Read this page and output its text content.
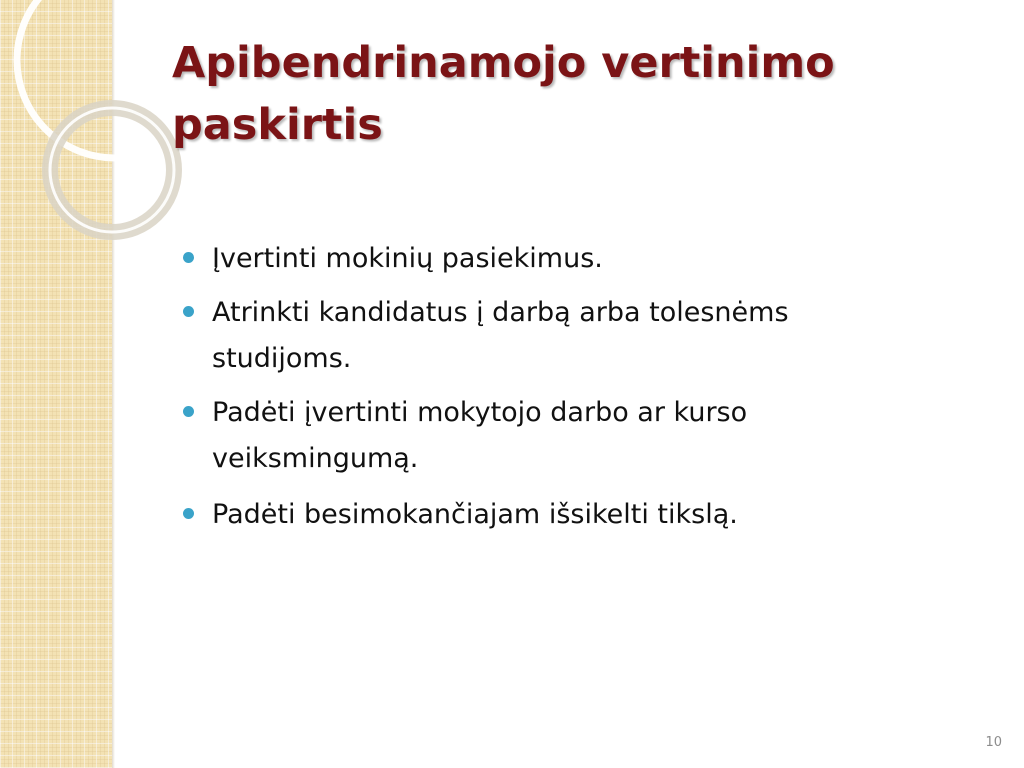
Apibendrinamojo vertinimo paskirtis
Įvertinti mokinių pasiekimus.
Atrinkti kandidatus į darbą arba tolesnėms studijoms.
Padėti įvertinti mokytojo darbo ar kurso veiksmingumą.
Padėti besimokančiajam išsikelti tikslą.
10
